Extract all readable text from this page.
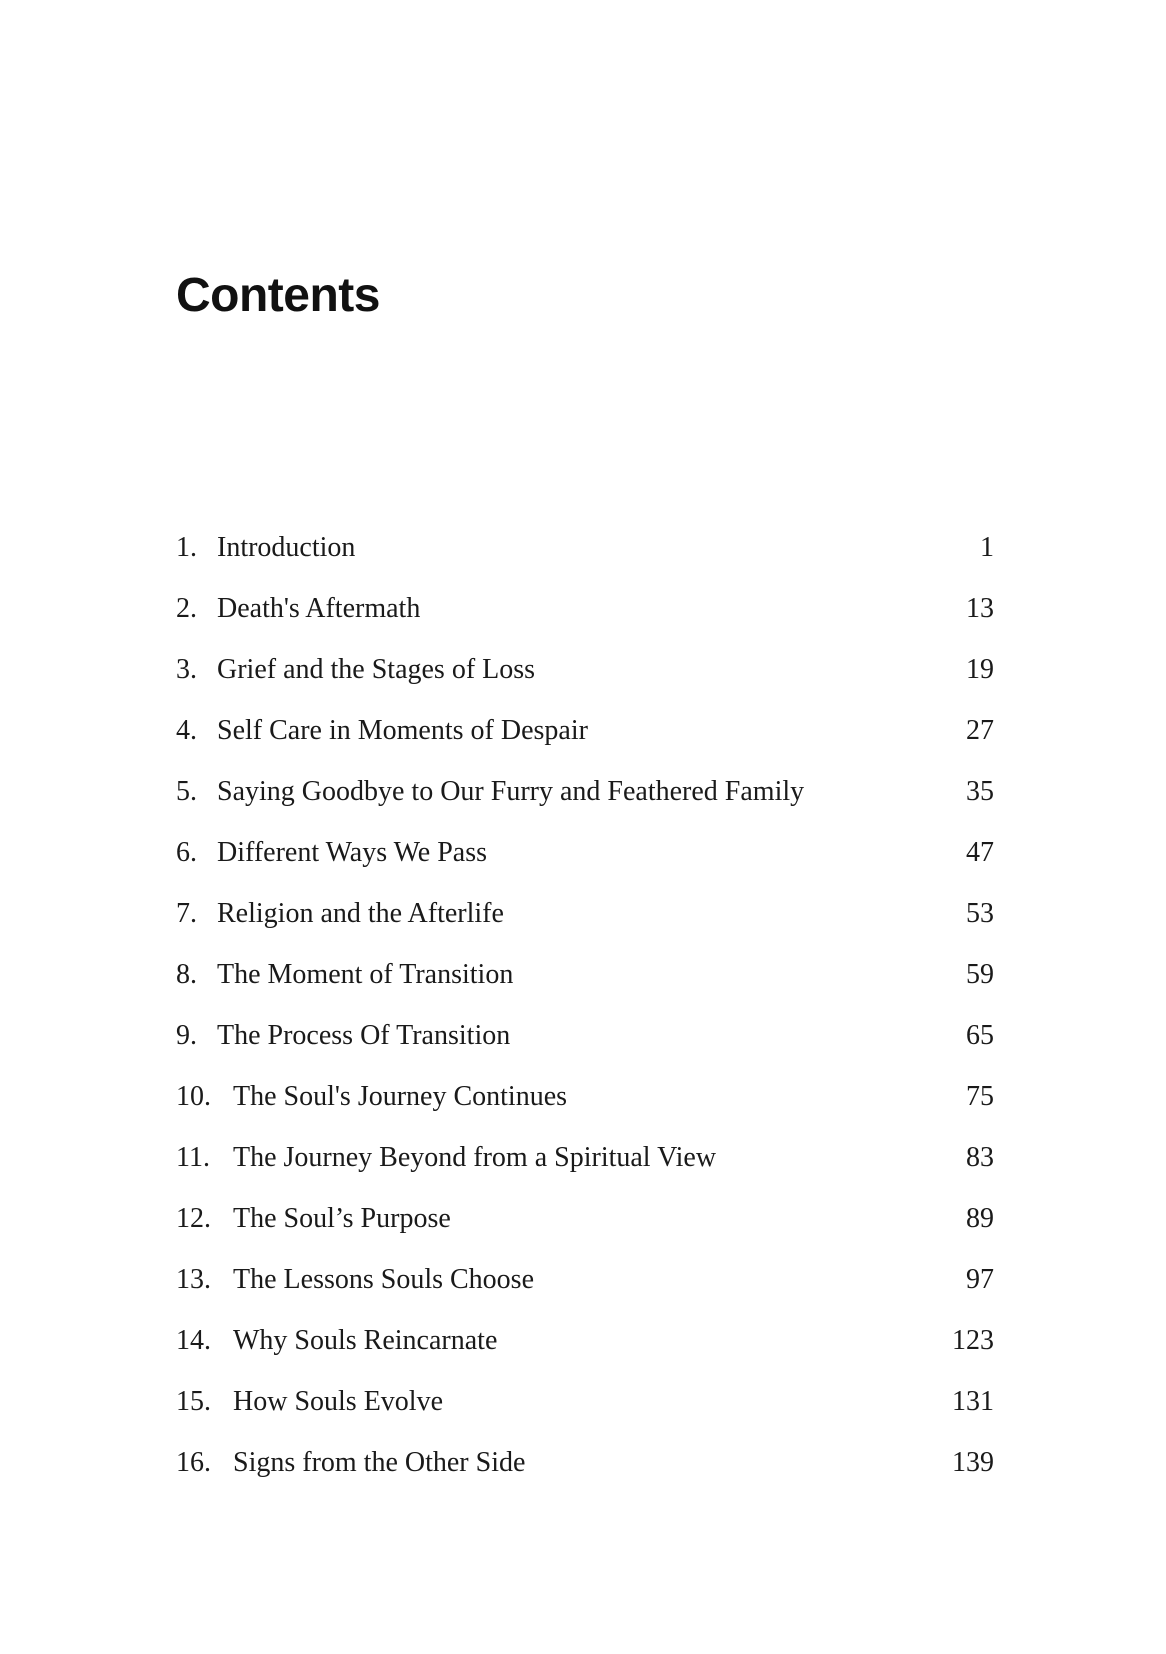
Contents
1. Introduction	1
2. Death's Aftermath	13
3. Grief and the Stages of Loss	19
4. Self Care in Moments of Despair	27
5. Saying Goodbye to Our Furry and Feathered Family	35
6. Different Ways We Pass	47
7. Religion and the Afterlife	53
8. The Moment of Transition	59
9. The Process Of Transition	65
10. The Soul's Journey Continues	75
11. The Journey Beyond from a Spiritual View	83
12. The Soul’s Purpose	89
13. The Lessons Souls Choose	97
14. Why Souls Reincarnate	123
15. How Souls Evolve	131
16. Signs from the Other Side	139
